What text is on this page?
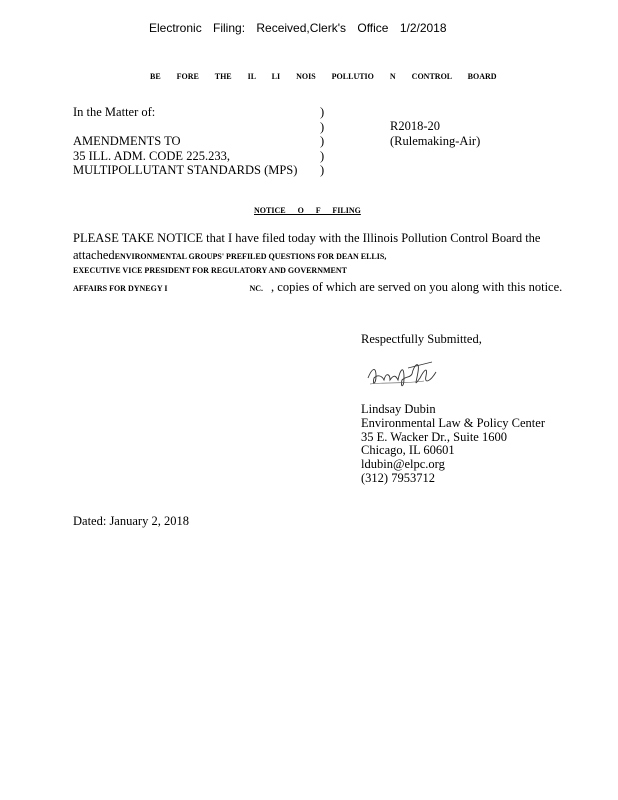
Electronic Filing: Received,Clerk's Office 1/2/2018
BE FORE THE IL LI NOIS POLLUTIO N CONTROL BOARD
In the Matter of:
AMENDMENTS TO
35 ILL. ADM. CODE 225.233,
MULTIPOLLUTANT STANDARDS (MPS)
)
)
)
)
)
R2018-20
(Rulemaking-Air)
NOTICE O F FILING
PLEASE TAKE NOTICE that I have filed today with the Illinois Pollution Control Board the
attachedENVIRONMENTAL GROUPS' PREFILED QUESTIONS FOR DEAN ELLIS,
EXECUTIVE VICE PRESIDENT FOR REGULATORY AND GOVERNMENT
AFFAIRS FOR DYNEGY I	NC. , copies of which are served on you along with this notice.
Respectfully Submitted,
Lindsay Dubin
Environmental Law & Policy Center
35 E. Wacker Dr., Suite 1600
Chicago, IL 60601
ldubin@elpc.org
(312) 7953712
Dated: January 2, 2018
